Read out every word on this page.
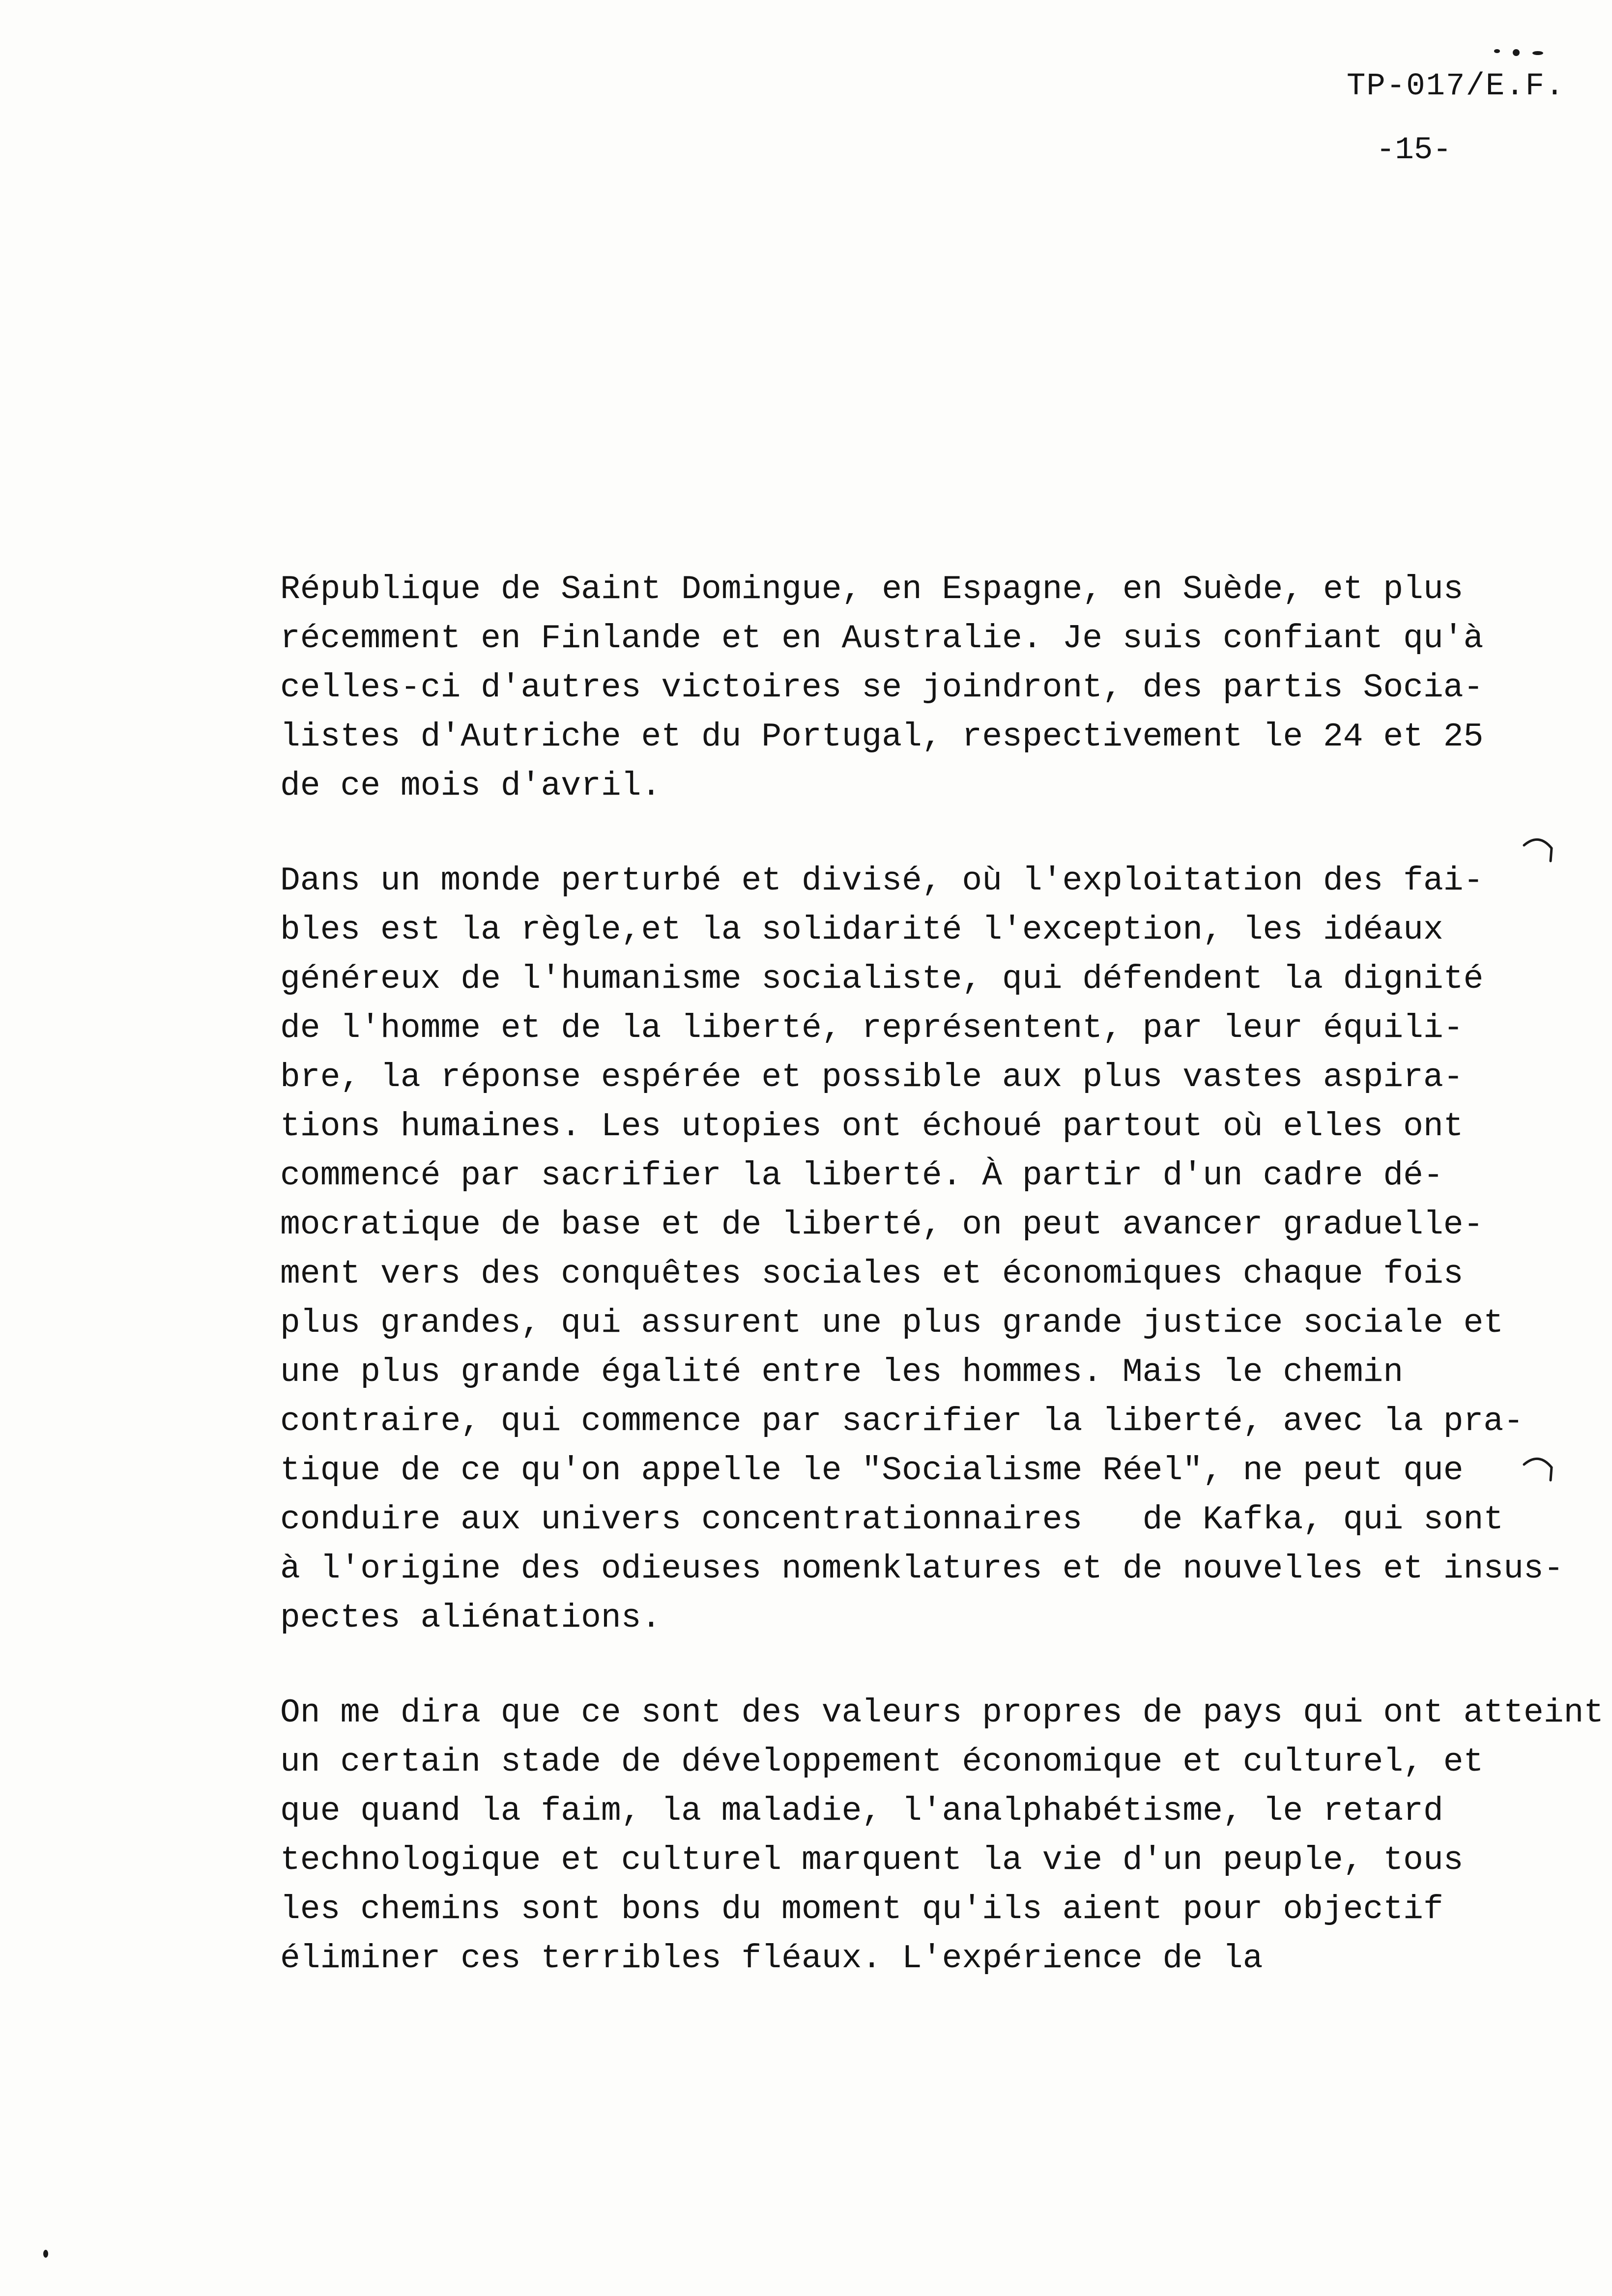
TP-017/E.F.
-15-
République de Saint Domingue, en Espagne, en Suède, et plus
récemment en Finlande et en Australie. Je suis confiant qu'à
celles-ci d'autres victoires se joindront, des partis Socia-
listes d'Autriche et du Portugal, respectivement le 24 et 25
de ce mois d'avril.
Dans un monde perturbé et divisé, où l'exploitation des fai-
bles est la règle,et la solidarité l'exception, les idéaux
généreux de l'humanisme socialiste, qui défendent la dignité
de l'homme et de la liberté, représentent, par leur équili-
bre, la réponse espérée et possible aux plus vastes aspira-
tions humaines. Les utopies ont échoué partout où elles ont
commencé par sacrifier la liberté. À partir d'un cadre dé-
mocratique de base et de liberté, on peut avancer graduelle-
ment vers des conquêtes sociales et économiques chaque fois
plus grandes, qui assurent une plus grande justice sociale et
une plus grande égalité entre les hommes. Mais le chemin
contraire, qui commence par sacrifier la liberté, avec la pra-
tique de ce qu'on appelle le "Socialisme Réel", ne peut que
conduire aux univers concentrationnaires   de Kafka, qui sont
à l'origine des odieuses nomenklatures et de nouvelles et insus-
pectes aliénations.
On me dira que ce sont des valeurs propres de pays qui ont atteint
un certain stade de développement économique et culturel, et
que quand la faim, la maladie, l'analphabétisme, le retard
technologique et culturel marquent la vie d'un peuple, tous
les chemins sont bons du moment qu'ils aient pour objectif
éliminer ces terribles fléaux. L'expérience de la
